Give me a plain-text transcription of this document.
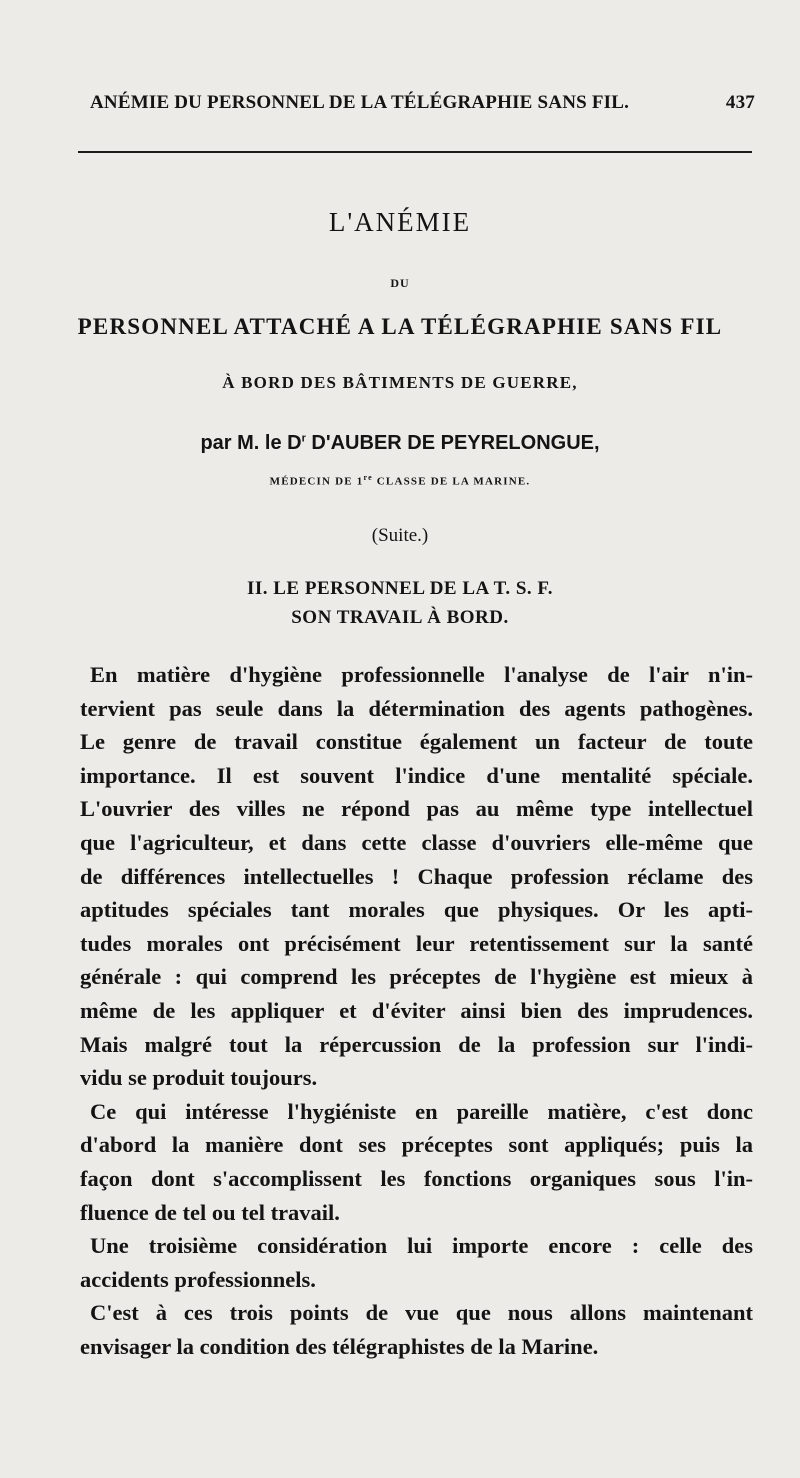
ANÉMIE DU PERSONNEL DE LA TÉLÉGRAPHIE SANS FIL.	437
L'ANÉMIE
DU
PERSONNEL ATTACHÉ A LA TÉLÉGRAPHIE SANS FIL
À BORD DES BÂTIMENTS DE GUERRE,
par M. le $D^r$ D'AUBER DE PEYRELONGUE,
MÉDECIN DE 1re CLASSE DE LA MARINE.
(Suite.)
II. LE PERSONNEL DE LA T. S. F.
SON TRAVAIL À BORD.
En matière d'hygiène professionnelle l'analyse de l'air n'in-
tervient pas seule dans la détermination des agents pathogènes.
Le genre de travail constitue également un facteur de toute
importance. Il est souvent l'indice d'une mentalité spéciale.
L'ouvrier des villes ne répond pas au même type intellectuel
que l'agriculteur, et dans cette classe d'ouvriers elle-même que
de différences intellectuelles ! Chaque profession réclame des
aptitudes spéciales tant morales que physiques. Or les apti-
tudes morales ont précisément leur retentissement sur la santé
générale : qui comprend les préceptes de l'hygiène est mieux à
même de les appliquer et d'éviter ainsi bien des imprudences.
Mais malgré tout la répercussion de la profession sur l'indi-
vidu se produit toujours.
Ce qui intéresse l'hygiéniste en pareille matière, c'est donc
d'abord la manière dont ses préceptes sont appliqués; puis la
façon dont s'accomplissent les fonctions organiques sous l'in-
fluence de tel ou tel travail.
Une troisième considération lui importe encore : celle des
accidents professionnels.
C'est à ces trois points de vue que nous allons maintenant
envisager la condition des télégraphistes de la Marine.
